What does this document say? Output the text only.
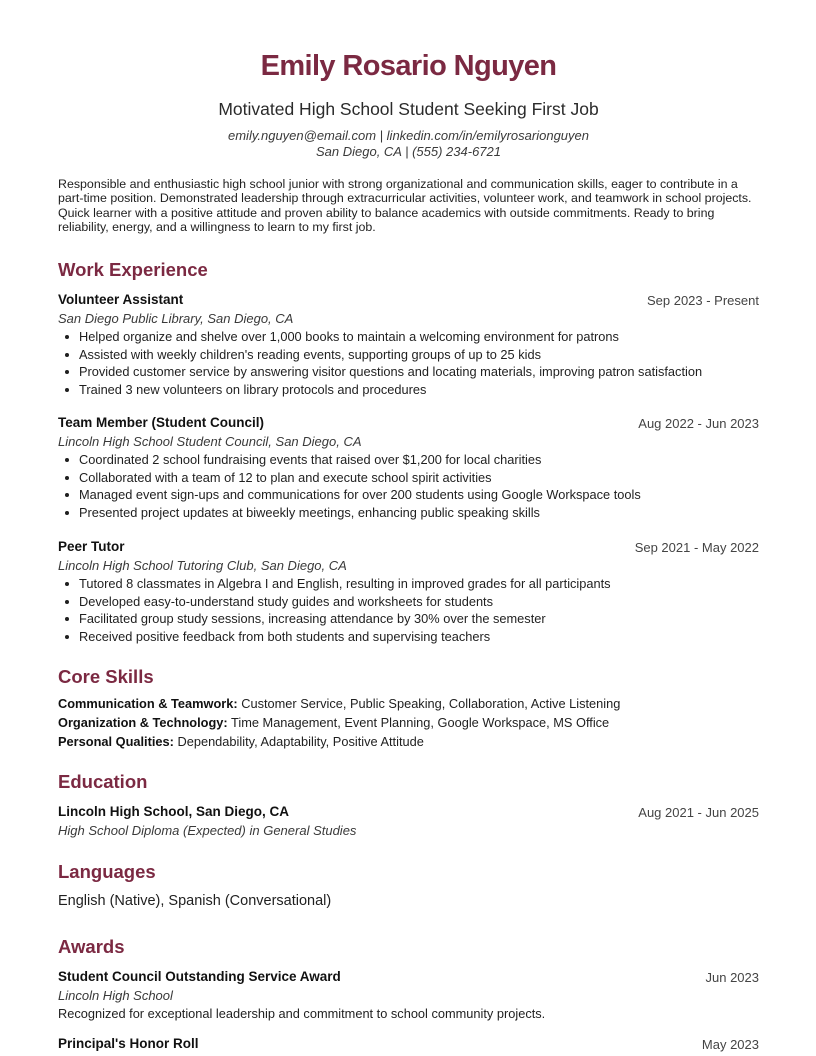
Emily Rosario Nguyen
Motivated High School Student Seeking First Job
emily.nguyen@email.com | linkedin.com/in/emilyrosarionguyen
San Diego, CA | (555) 234-6721
Responsible and enthusiastic high school junior with strong organizational and communication skills, eager to contribute in a part-time position. Demonstrated leadership through extracurricular activities, volunteer work, and teamwork in school projects. Quick learner with a positive attitude and proven ability to balance academics with outside commitments. Ready to bring reliability, energy, and a willingness to learn to my first job.
Work Experience
Volunteer Assistant	Sep 2023 - Present
San Diego Public Library, San Diego, CA
Helped organize and shelve over 1,000 books to maintain a welcoming environment for patrons
Assisted with weekly children's reading events, supporting groups of up to 25 kids
Provided customer service by answering visitor questions and locating materials, improving patron satisfaction
Trained 3 new volunteers on library protocols and procedures
Team Member (Student Council)	Aug 2022 - Jun 2023
Lincoln High School Student Council, San Diego, CA
Coordinated 2 school fundraising events that raised over $1,200 for local charities
Collaborated with a team of 12 to plan and execute school spirit activities
Managed event sign-ups and communications for over 200 students using Google Workspace tools
Presented project updates at biweekly meetings, enhancing public speaking skills
Peer Tutor	Sep 2021 - May 2022
Lincoln High School Tutoring Club, San Diego, CA
Tutored 8 classmates in Algebra I and English, resulting in improved grades for all participants
Developed easy-to-understand study guides and worksheets for students
Facilitated group study sessions, increasing attendance by 30% over the semester
Received positive feedback from both students and supervising teachers
Core Skills
Communication & Teamwork: Customer Service, Public Speaking, Collaboration, Active Listening
Organization & Technology: Time Management, Event Planning, Google Workspace, MS Office
Personal Qualities: Dependability, Adaptability, Positive Attitude
Education
Lincoln High School, San Diego, CA	Aug 2021 - Jun 2025
High School Diploma (Expected) in General Studies
Languages
English (Native), Spanish (Conversational)
Awards
Student Council Outstanding Service Award	Jun 2023
Lincoln High School
Recognized for exceptional leadership and commitment to school community projects.
Principal's Honor Roll	May 2023
